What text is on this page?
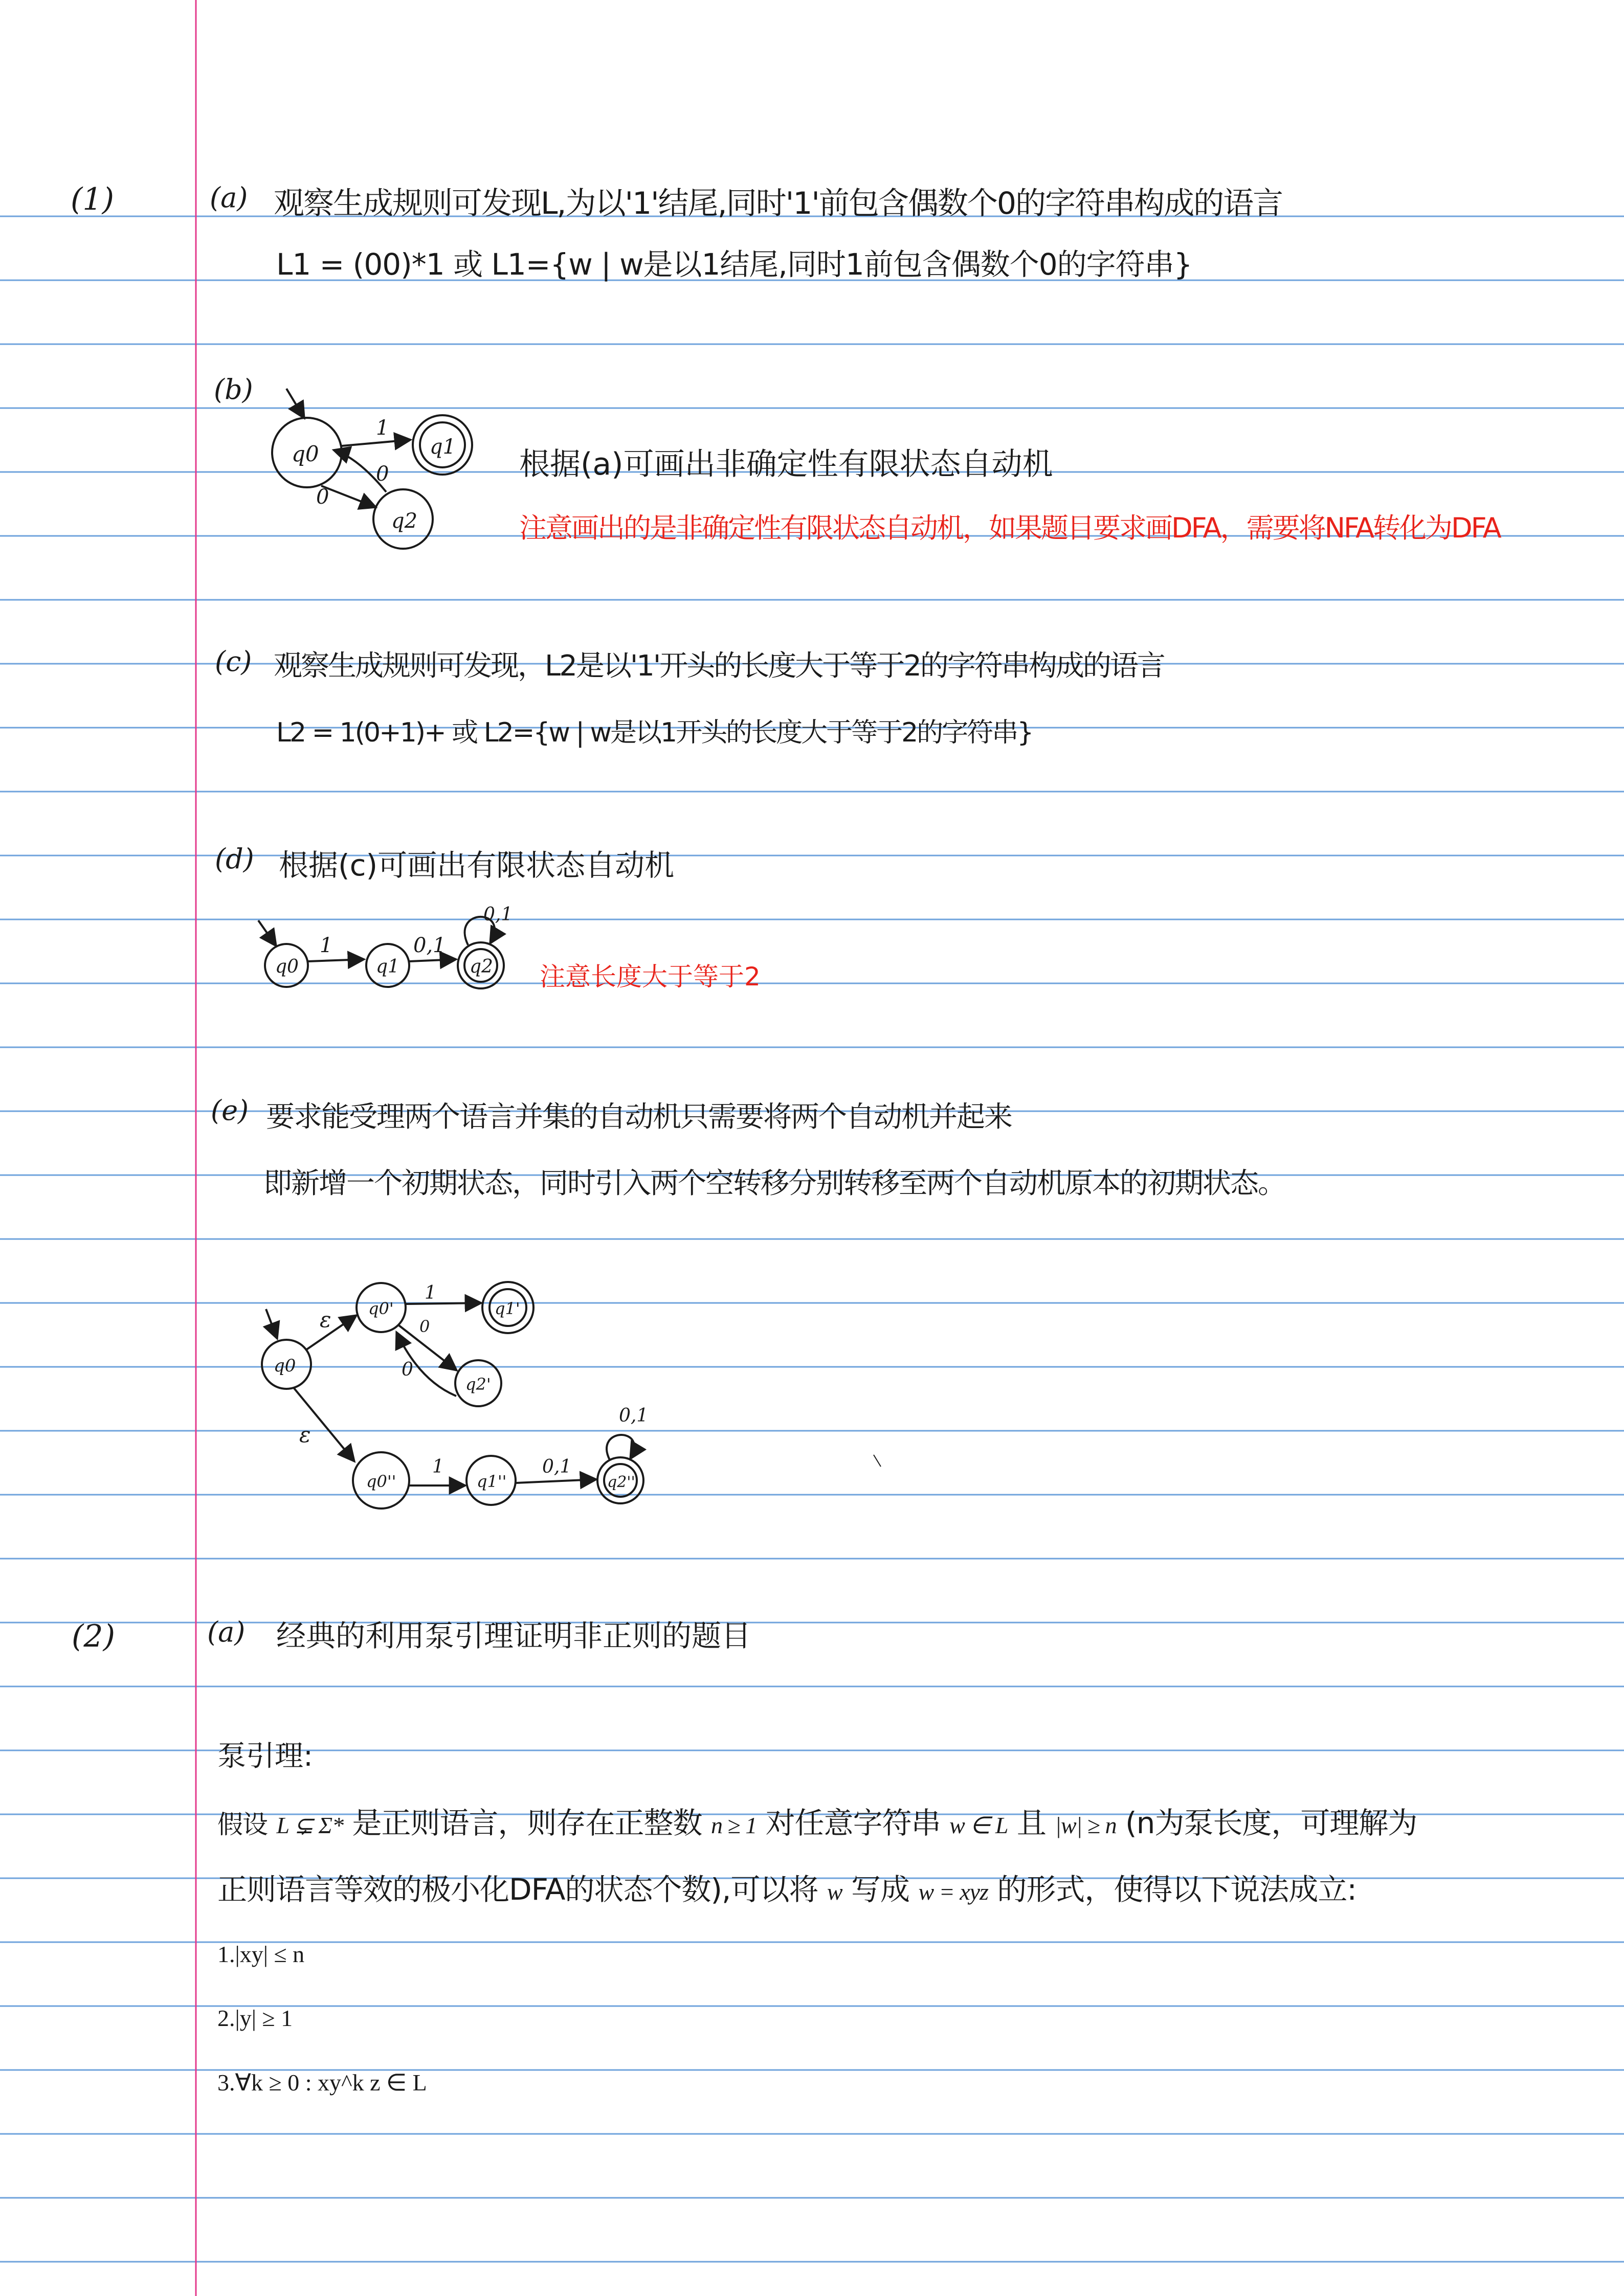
(1)	(a) 观察生成规则可发现L,为以'1'结尾,同时'1'前包含偶数个0的字符串构成的语言
L1 = (00)*1 或 L1={w | w是以1结尾,同时1前包含偶数个0的字符串}
(b)
根据(a)可画出非确定性有限状态自动机
注意画出的是非确定性有限状态自动机，如果题目要求画DFA，需要将NFA转化为DFA
1
0
0
q0	q1
q2
(c) 观察生成规则可发现，L2是以'1'开头的长度大于等于2的字符串构成的语言
L2 = 1(0+1)+ 或 L2={w | w是以1开头的长度大于等于2的字符串}
(d) 根据(c)可画出有限状态自动机
注意长度大于等于2
1	0,1
0,1
q0	q1	q2
(e) 要求能受理两个语言并集的自动机只需要将两个自动机并起来
即新增一个初期状态，同时引入两个空转移分别转移至两个自动机原本的初期状态。
ε
ε
1
0
0
1	0,1
0,1
q0
q0'	q1'
q2'
q0''	q1''	q2''
(2)	(a) 经典的利用泵引理证明非正则的题目
泵引理:
假设 L ⊊ Σ* 是正则语言，则存在正整数 n ≥ 1 对任意字符串 w ∈ L 且 |w| ≥ n (n为泵长度，可理解为
正则语言等效的极小化DFA的状态个数),可以将 w 写成 w = xyz 的形式，使得以下说法成立:
1.|xy| ≤ n
2.|y| ≥ 1
3.∀k ≥ 0 : xy^k z ∈ L
